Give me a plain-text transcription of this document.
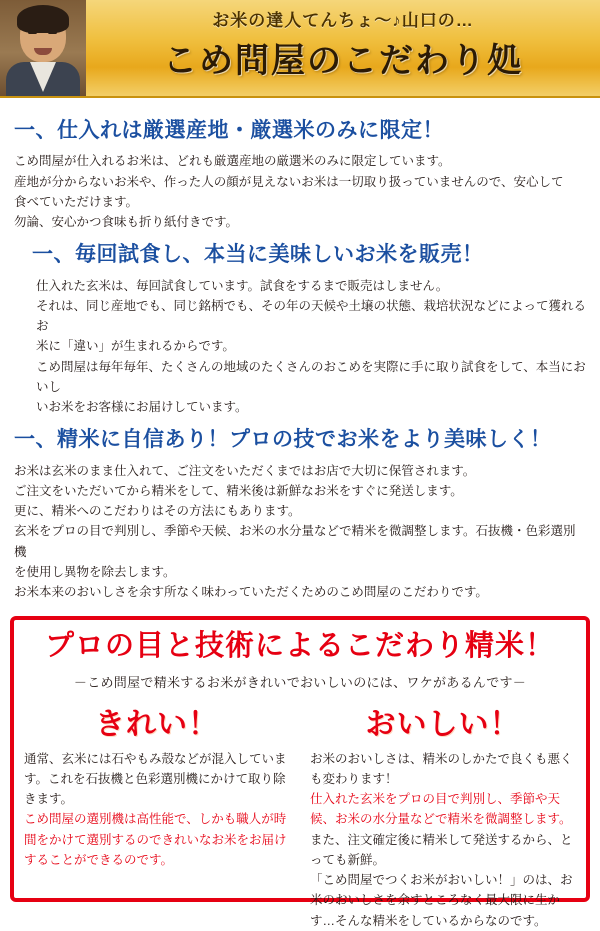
お米の達人てんちょ～♪山口の…
こめ問屋のこだわり処
一、仕入れは厳選産地・厳選米のみに限定！

こめ問屋が仕入れるお米は、どれも厳選産地の厳選米のみに限定しています。

産地が分からないお米や、作った人の顔が見えないお米は一切取り扱っていませんので、安心して

食べていただけます。

勿論、安心かつ食味も折り紙付きです。

一、毎回試食し、本当に美味しいお米を販売！

仕入れた玄米は、毎回試食しています。試食をするまで販売はしません。

それは、同じ産地でも、同じ銘柄でも、その年の天候や土壌の状態、栽培状況などによって獲れるお

米に「違い」が生まれるからです。

こめ問屋は毎年毎年、たくさんの地域のたくさんのおこめを実際に手に取り試食をして、本当においし

いお米をお客様にお届けしています。

一、精米に自信あり！プロの技でお米をより美味しく！

お米は玄米のまま仕入れて、ご注文をいただくまではお店で大切に保管されます。

ご注文をいただいてから精米をして、精米後は新鮮なお米をすぐに発送します。

更に、精米へのこだわりはその方法にもあります。

玄米をプロの目で判別し、季節や天候、お米の水分量などで精米を微調整します。石抜機・色彩選別機

を使用し異物を除去します。

お米本来のおいしさを余す所なく味わっていただくためのこめ問屋のこだわりです。

プロの目と技術によるこだわり精米！
－こめ問屋で精米するお米がきれいでおいしいのには、ワケがあるんです－
きれい！

通常、玄米には石やもみ殻などが混入しています。これを石抜機と色彩選別機にかけて取り除きます。

こめ問屋の選別機は高性能で、しかも職人が時間をかけて選別するのできれいなお米をお届けすることができるのです。

おいしい！

お米のおいしさは、精米のしかたで良くも悪くも変わります！

仕入れた玄米をプロの目で判別し、季節や天候、お米の水分量などで精米を微調整します。

また、注文確定後に精米して発送するから、とっても新鮮。

「こめ問屋でつくお米がおいしい！」のは、お米のおいしさを余すところなく最大限に生かす…そんな精米をしているからなのです。
